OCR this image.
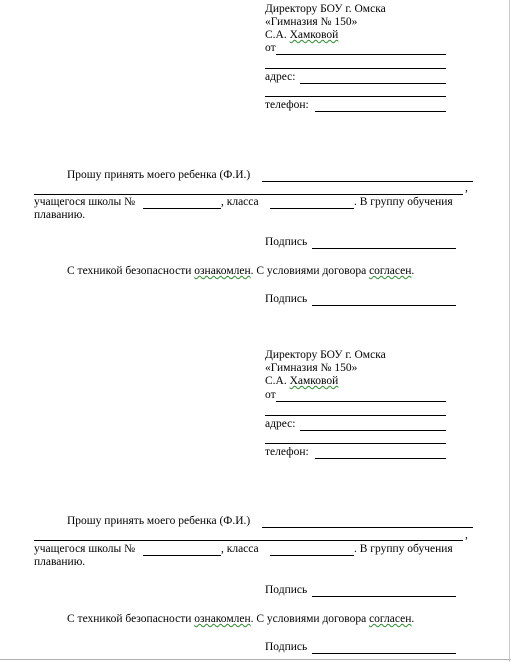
Директору БОУ г. Омска
«Гимназия № 150»
С.А. Хамковой
от
адрес:
телефон:
Прошу принять моего ребенка (Ф.И.)
,
учащегося школы №	, класса	. В группу обучения
плаванию.
Подпись
С техникой безопасности ознакомлен. С условиями договора согласен.
Подпись
Директору БОУ г. Омска
«Гимназия № 150»
С.А. Хамковой
от
адрес:
телефон:
Прошу принять моего ребенка (Ф.И.)
,
учащегося школы №	, класса	. В группу обучения
плаванию.
Подпись
С техникой безопасности ознакомлен. С условиями договора согласен.
Подпись
